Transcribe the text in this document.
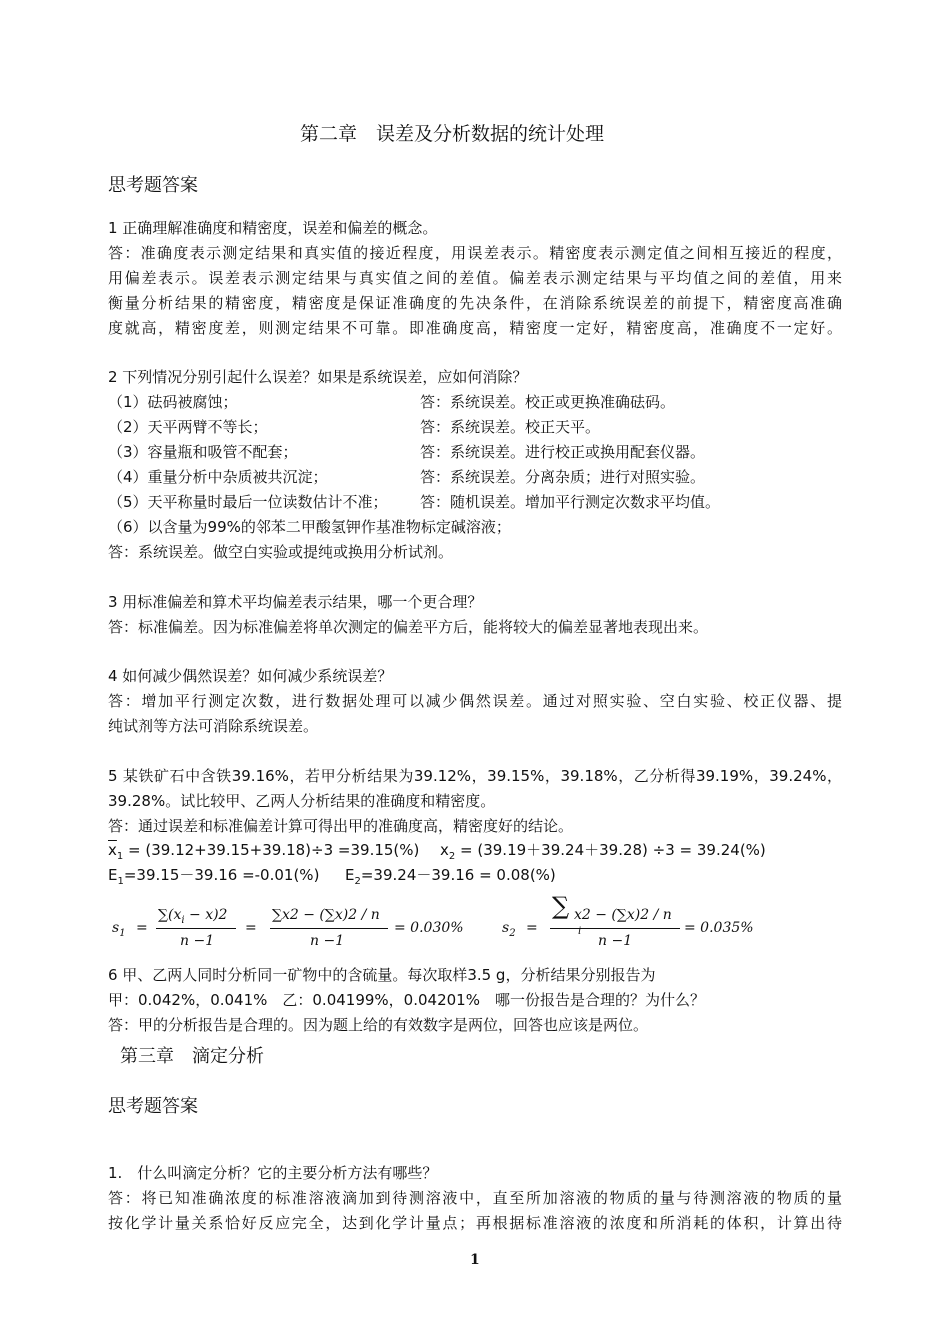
第二章　误差及分析数据的统计处理
思考题答案
1 正确理解准确度和精密度，误差和偏差的概念。
答：准确度表示测定结果和真实值的接近程度，用误差表示。精密度表示测定值之间相互接近的程度，
用偏差表示。误差表示测定结果与真实值之间的差值。偏差表示测定结果与平均值之间的差值，用来
衡量分析结果的精密度，精密度是保证准确度的先决条件，在消除系统误差的前提下，精密度高准确
度就高，精密度差，则测定结果不可靠。即准确度高，精密度一定好，精密度高，准确度不一定好。
2 下列情况分别引起什么误差？如果是系统误差，应如何消除？
（1）砝码被腐蚀；	答：系统误差。校正或更换准确砝码。
（2）天平两臂不等长；	答：系统误差。校正天平。
（3）容量瓶和吸管不配套；	答：系统误差。进行校正或换用配套仪器。
（4）重量分析中杂质被共沉淀；	答：系统误差。分离杂质；进行对照实验。
（5）天平称量时最后一位读数估计不准； 答：随机误差。增加平行测定次数求平均值。
（6）以含量为99%的邻苯二甲酸氢钾作基准物标定碱溶液；
答：系统误差。做空白实验或提纯或换用分析试剂。
3 用标准偏差和算术平均偏差表示结果，哪一个更合理？
答：标准偏差。因为标准偏差将单次测定的偏差平方后，能将较大的偏差显著地表现出来。
4 如何减少偶然误差？如何减少系统误差？
答：增加平行测定次数，进行数据处理可以减少偶然误差。通过对照实验、空白实验、校正仪器、提
纯试剂等方法可消除系统误差。
5 某铁矿石中含铁39.16%，若甲分析结果为39.12%，39.15%，39.18%，乙分析得39.19%，39.24%，
39.28%。试比较甲、乙两人分析结果的准确度和精密度。
答：通过误差和标准偏差计算可得出甲的准确度高，精密度好的结论。
$\overline{x}_1 = (39.12+39.15+39.18)\div 3 =39.15(\%) x_2 = (39.19+39.24+39.28) \div 3 = 39.24(\%)$
$E_1=39.15-39.16 =-0.01(\%) E_2=39.24-39.16 = 0.08(\%)$
$s_1$ =
$\sum(x_i - x)2$
n −1
=
∑x2 − (∑x)2 / n
n −1
= 0.030%	$s_2$ =
∑ x2 − (∑x)2 / n
i
n −1
= 0.035%
6 甲、乙两人同时分析同一矿物中的含硫量。每次取样3.5 g，分析结果分别报告为
甲：0.042%，0.041%　乙：0.04199%，0.04201%　哪一份报告是合理的？为什么？
答：甲的分析报告是合理的。因为题上给的有效数字是两位，回答也应该是两位。
第三章　滴定分析
思考题答案
1.　什么叫滴定分析？它的主要分析方法有哪些？
答：将已知准确浓度的标准溶液滴加到待测溶液中，直至所加溶液的物质的量与待测溶液的物质的量
按化学计量关系恰好反应完全，达到化学计量点；再根据标准溶液的浓度和所消耗的体积，计算出待
1
